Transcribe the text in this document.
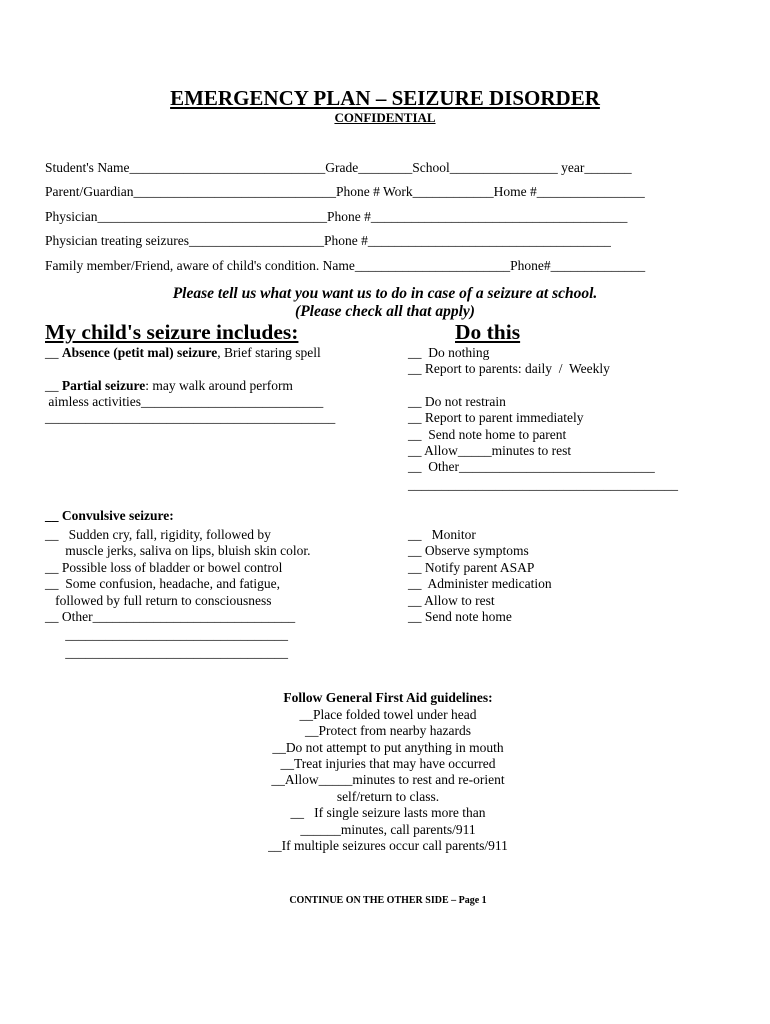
EMERGENCY PLAN – SEIZURE DISORDER
CONFIDENTIAL
Student's Name_____________________________Grade________School________________ year_______
Parent/Guardian______________________________Phone # Work____________Home #________________
Physician__________________________________Phone #______________________________________
Physician treating seizures____________________Phone #____________________________________
Family member/Friend, aware of child's condition. Name_______________________Phone#______________
Please tell us what you want us to do in case of a seizure at school.
(Please check all that apply)
My child's seizure includes:	Do this
__ Absence (petit mal) seizure, Brief staring spell	__  Do nothing
__ Report to parents: daily  /  Weekly
__ Partial seizure: may walk around perform
aimless activities___________________________
___________________________________________
__ Do not restrain
__ Report to parent immediately
__  Send note home to parent
__ Allow_____minutes to rest
__  Other_____________________________
________________________________________
__ Convulsive seizure:
__   Sudden cry, fall, rigidity, followed by
muscle jerks, saliva on lips, bluish skin color.
__ Possible loss of bladder or bowel control
__  Some confusion, headache, and fatigue,
followed by full return to consciousness
__ Other______________________________
_________________________________
_________________________________
__   Monitor
__ Observe symptoms
__ Notify parent ASAP
__  Administer medication
__ Allow to rest
__ Send note home
Follow General First Aid guidelines:
__Place folded towel under head
__Protect from nearby hazards
__Do not attempt to put anything in mouth
__Treat injuries that may have occurred
__Allow_____minutes to rest and re-orient
self/return to class.
__   If single seizure lasts more than
______minutes, call parents/911
__If multiple seizures occur call parents/911
CONTINUE ON THE OTHER SIDE – Page 1
